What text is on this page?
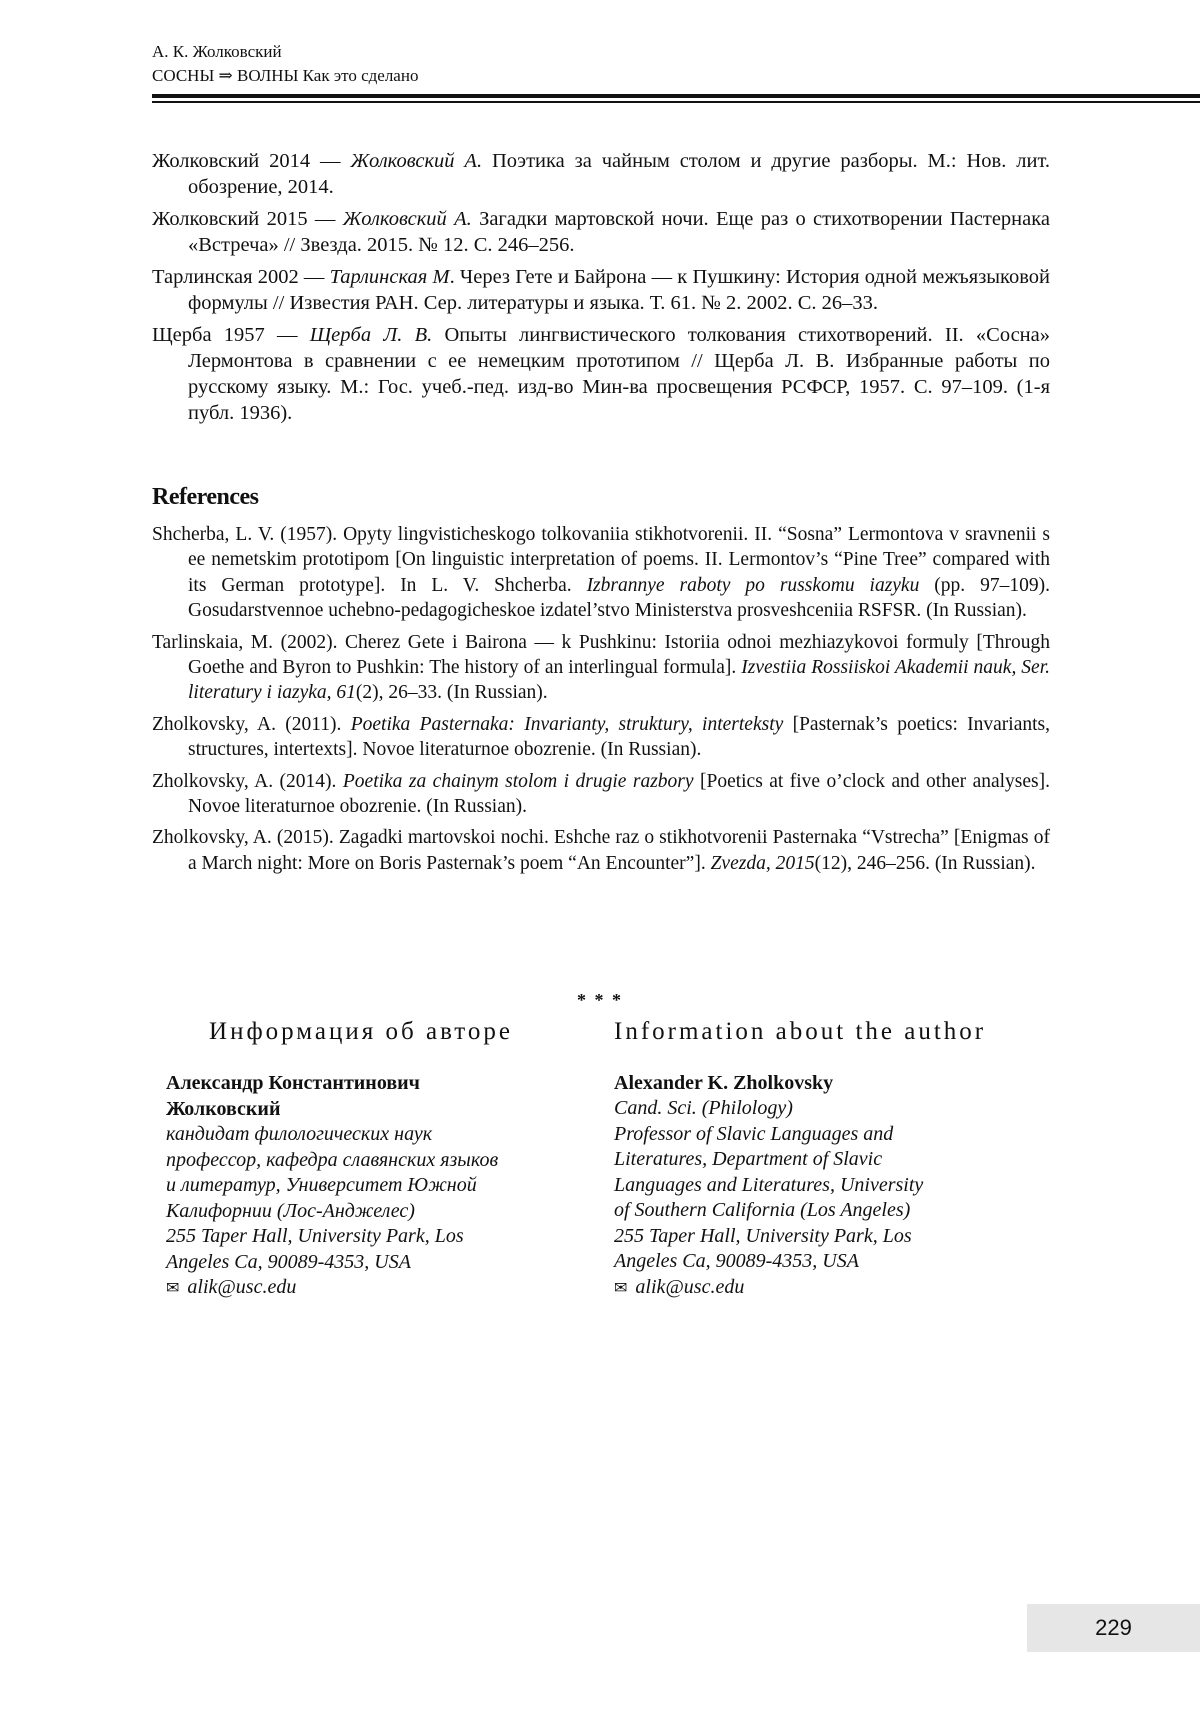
А. К. Жолковский
СОСНЫ ⇒ ВОЛНЫ Как это сделано
Жолковский 2014 — Жолковский А. Поэтика за чайным столом и другие разборы. М.: Нов. лит. обозрение, 2014.
Жолковский 2015 — Жолковский А. Загадки мартовской ночи. Еще раз о стихотворении Пастернака «Встреча» // Звезда. 2015. № 12. С. 246–256.
Тарлинская 2002 — Тарлинская М. Через Гете и Байрона — к Пушкину: История одной межъязыковой формулы // Известия РАН. Сер. литературы и языка. Т. 61. № 2. 2002. С. 26–33.
Щерба 1957 — Щерба Л. В. Опыты лингвистического толкования стихотворений. II. «Сосна» Лермонтова в сравнении с ее немецким прототипом // Щерба Л. В. Избранные работы по русскому языку. М.: Гос. учеб.-пед. изд-во Мин-ва просвещения РСФСР, 1957. С. 97–109. (1-я публ. 1936).
References
Shcherba, L. V. (1957). Opyty lingvisticheskogo tolkovaniia stikhotvorenii. II. “Sosna” Lermontova v sravnenii s ee nemetskim prototipom [On linguistic interpretation of poems. II. Lermontov’s “Pine Tree” compared with its German prototype]. In L. V. Shcherba. Izbrannye raboty po russkomu iazyku (pp. 97–109). Gosudarstvennoe uchebno-pedagogicheskoe izdatel’stvo Ministerstva prosveshceniia RSFSR. (In Russian).
Tarlinskaia, M. (2002). Cherez Gete i Bairona — k Pushkinu: Istoriia odnoi mezhiazykovoi formuly [Through Goethe and Byron to Pushkin: The history of an interlingual formula]. Izvestiia Rossiiskoi Akademii nauk, Ser. literatury i iazyka, 61(2), 26–33. (In Russian).
Zholkovsky, A. (2011). Poetika Pasternaka: Invarianty, struktury, interteksty [Pasternak’s poetics: Invariants, structures, intertexts]. Novoe literaturnoe obozrenie. (In Russian).
Zholkovsky, A. (2014). Poetika za chainym stolom i drugie razbory [Poetics at five o’clock and other analyses]. Novoe literaturnoe obozrenie. (In Russian).
Zholkovsky, A. (2015). Zagadki martovskoi nochi. Eshche raz o stikhotvorenii Pasternaka “Vstrecha” [Enigmas of a March night: More on Boris Pasternak’s poem “An Encounter”]. Zvezda, 2015(12), 246–256. (In Russian).
* * *
Информация об авторе
Александр Константинович
Жолковский
кандидат филологических наук
профессор, кафедра славянских языков
и литератур, Университет Южной
Калифорнии (Лос-Анджелес)
255 Taper Hall, University Park, Los
Angeles Ca, 90089-4353, USA
✉ alik@usc.edu
Information about the author
Alexander K. Zholkovsky
Cand. Sci. (Philology)
Professor of Slavic Languages and
Literatures, Department of Slavic
Languages and Literatures, University
of Southern California (Los Angeles)
255 Taper Hall, University Park, Los
Angeles Ca, 90089-4353, USA
✉ alik@usc.edu
229
